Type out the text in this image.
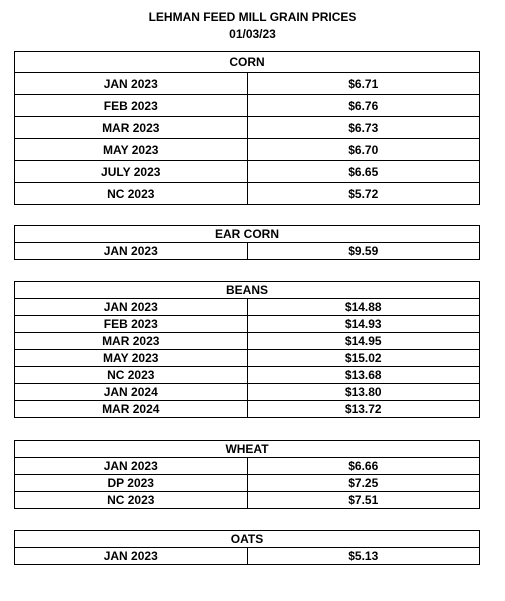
LEHMAN FEED MILL GRAIN PRICES
01/03/23
CORN	
JAN 2023	$6.71
FEB 2023	$6.76
MAR 2023	$6.73
MAY 2023	$6.70
JULY 2023	$6.65
NC 2023	$5.72
EAR CORN
JAN 2023	$9.59
BEANS	
JAN 2023	$14.88
FEB 2023	$14.93
MAR 2023	$14.95
MAY 2023	$15.02
NC 2023	$13.68
JAN 2024	$13.80
MAR 2024	$13.72
WHEAT	
JAN 2023	$6.66
DP 2023	$7.25
NC 2023	$7.51
OATS
JAN 2023	$5.13
